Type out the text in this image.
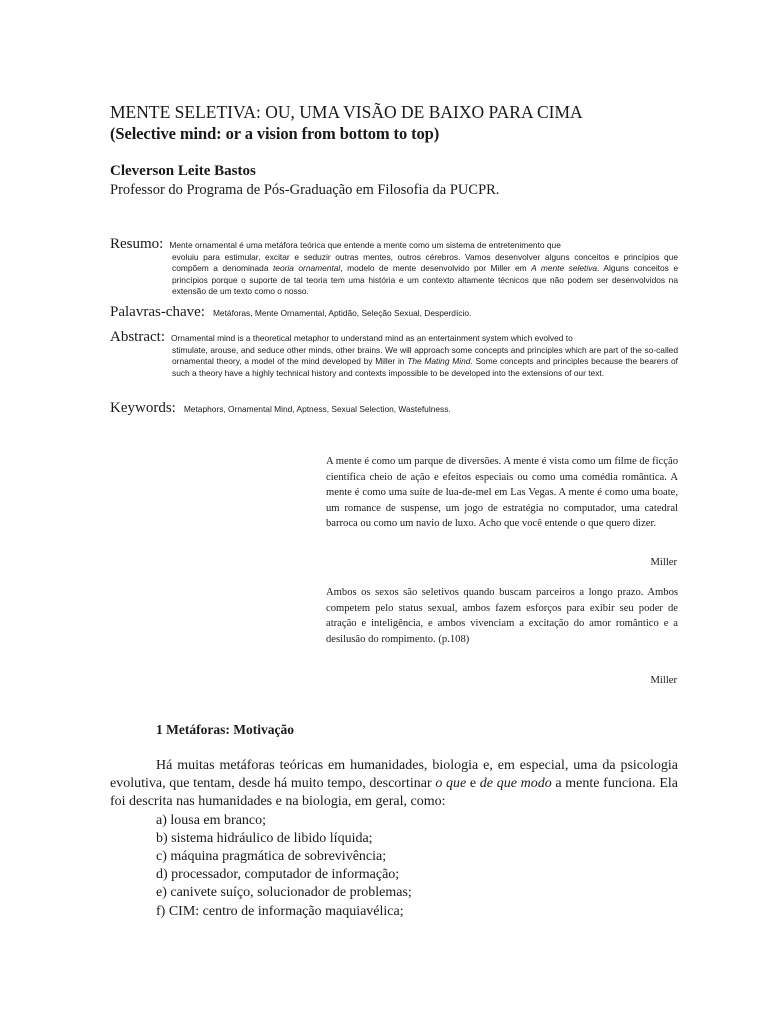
MENTE SELETIVA: OU, UMA VISÃO DE BAIXO PARA CIMA
(Selective mind: or a vision from bottom to top)
Cleverson Leite Bastos
Professor do Programa de Pós-Graduação em Filosofia da PUCPR.
Resumo: Mente ornamental é uma metáfora teórica que entende a mente como um sistema de entretenimento que
evoluiu para estimular, excitar e seduzir outras mentes, outros cérebros. Vamos desenvolver alguns conceitos e princípios que compõem a denominada teoria ornamental, modelo de mente desenvolvido por Miller em A mente seletiva. Alguns conceitos e princípios porque o suporte de tal teoria tem uma história e um contexto altamente técnicos que não podem ser desenvolvidos na extensão de um texto como o nosso.
Palavras-chave: Metáforas, Mente Ornamental, Aptidão, Seleção Sexual, Desperdício.
Abstract: Ornamental mind is a theoretical metaphor to understand mind as an entertainment system which evolved to
stimulate, arouse, and seduce other minds, other brains. We will approach some concepts and principles which are part of the so-called ornamental theory, a model of the mind developed by Miller in The Mating Mind. Some concepts and principles because the bearers of such a theory have a highly technical history and contexts impossible to be developed into the extensions of our text.
Keywords: Metaphors, Ornamental Mind, Aptness, Sexual Selection, Wastefulness.
A mente é como um parque de diversões. A mente é vista como um filme de ficção científica cheio de ação e efeitos especiais ou como uma comédia romântica. A mente é como uma suíte de lua-de-mel em Las Vegas. A mente é como uma boate, um romance de suspense, um jogo de estratégia no computador, uma catedral barroca ou como um navio de luxo. Acho que você entende o que quero dizer.
Miller
Ambos os sexos são seletivos quando buscam parceiros a longo prazo. Ambos competem pelo status sexual, ambos fazem esforços para exibir seu poder de atração e inteligência, e ambos vivenciam a excitação do amor romântico e a desilusão do rompimento. (p.108)
Miller
1 Metáforas: Motivação
Há muitas metáforas teóricas em humanidades, biologia e, em especial, uma da psicologia evolutiva, que tentam, desde há muito tempo, descortinar o que e de que modo a mente funciona. Ela foi descrita nas humanidades e na biologia, em geral, como:
a) lousa em branco;
b) sistema hidráulico de libido líquida;
c) máquina pragmática de sobrevivência;
d) processador, computador de informação;
e) canivete suíço, solucionador de problemas;
f) CIM: centro de informação maquiavélica;
